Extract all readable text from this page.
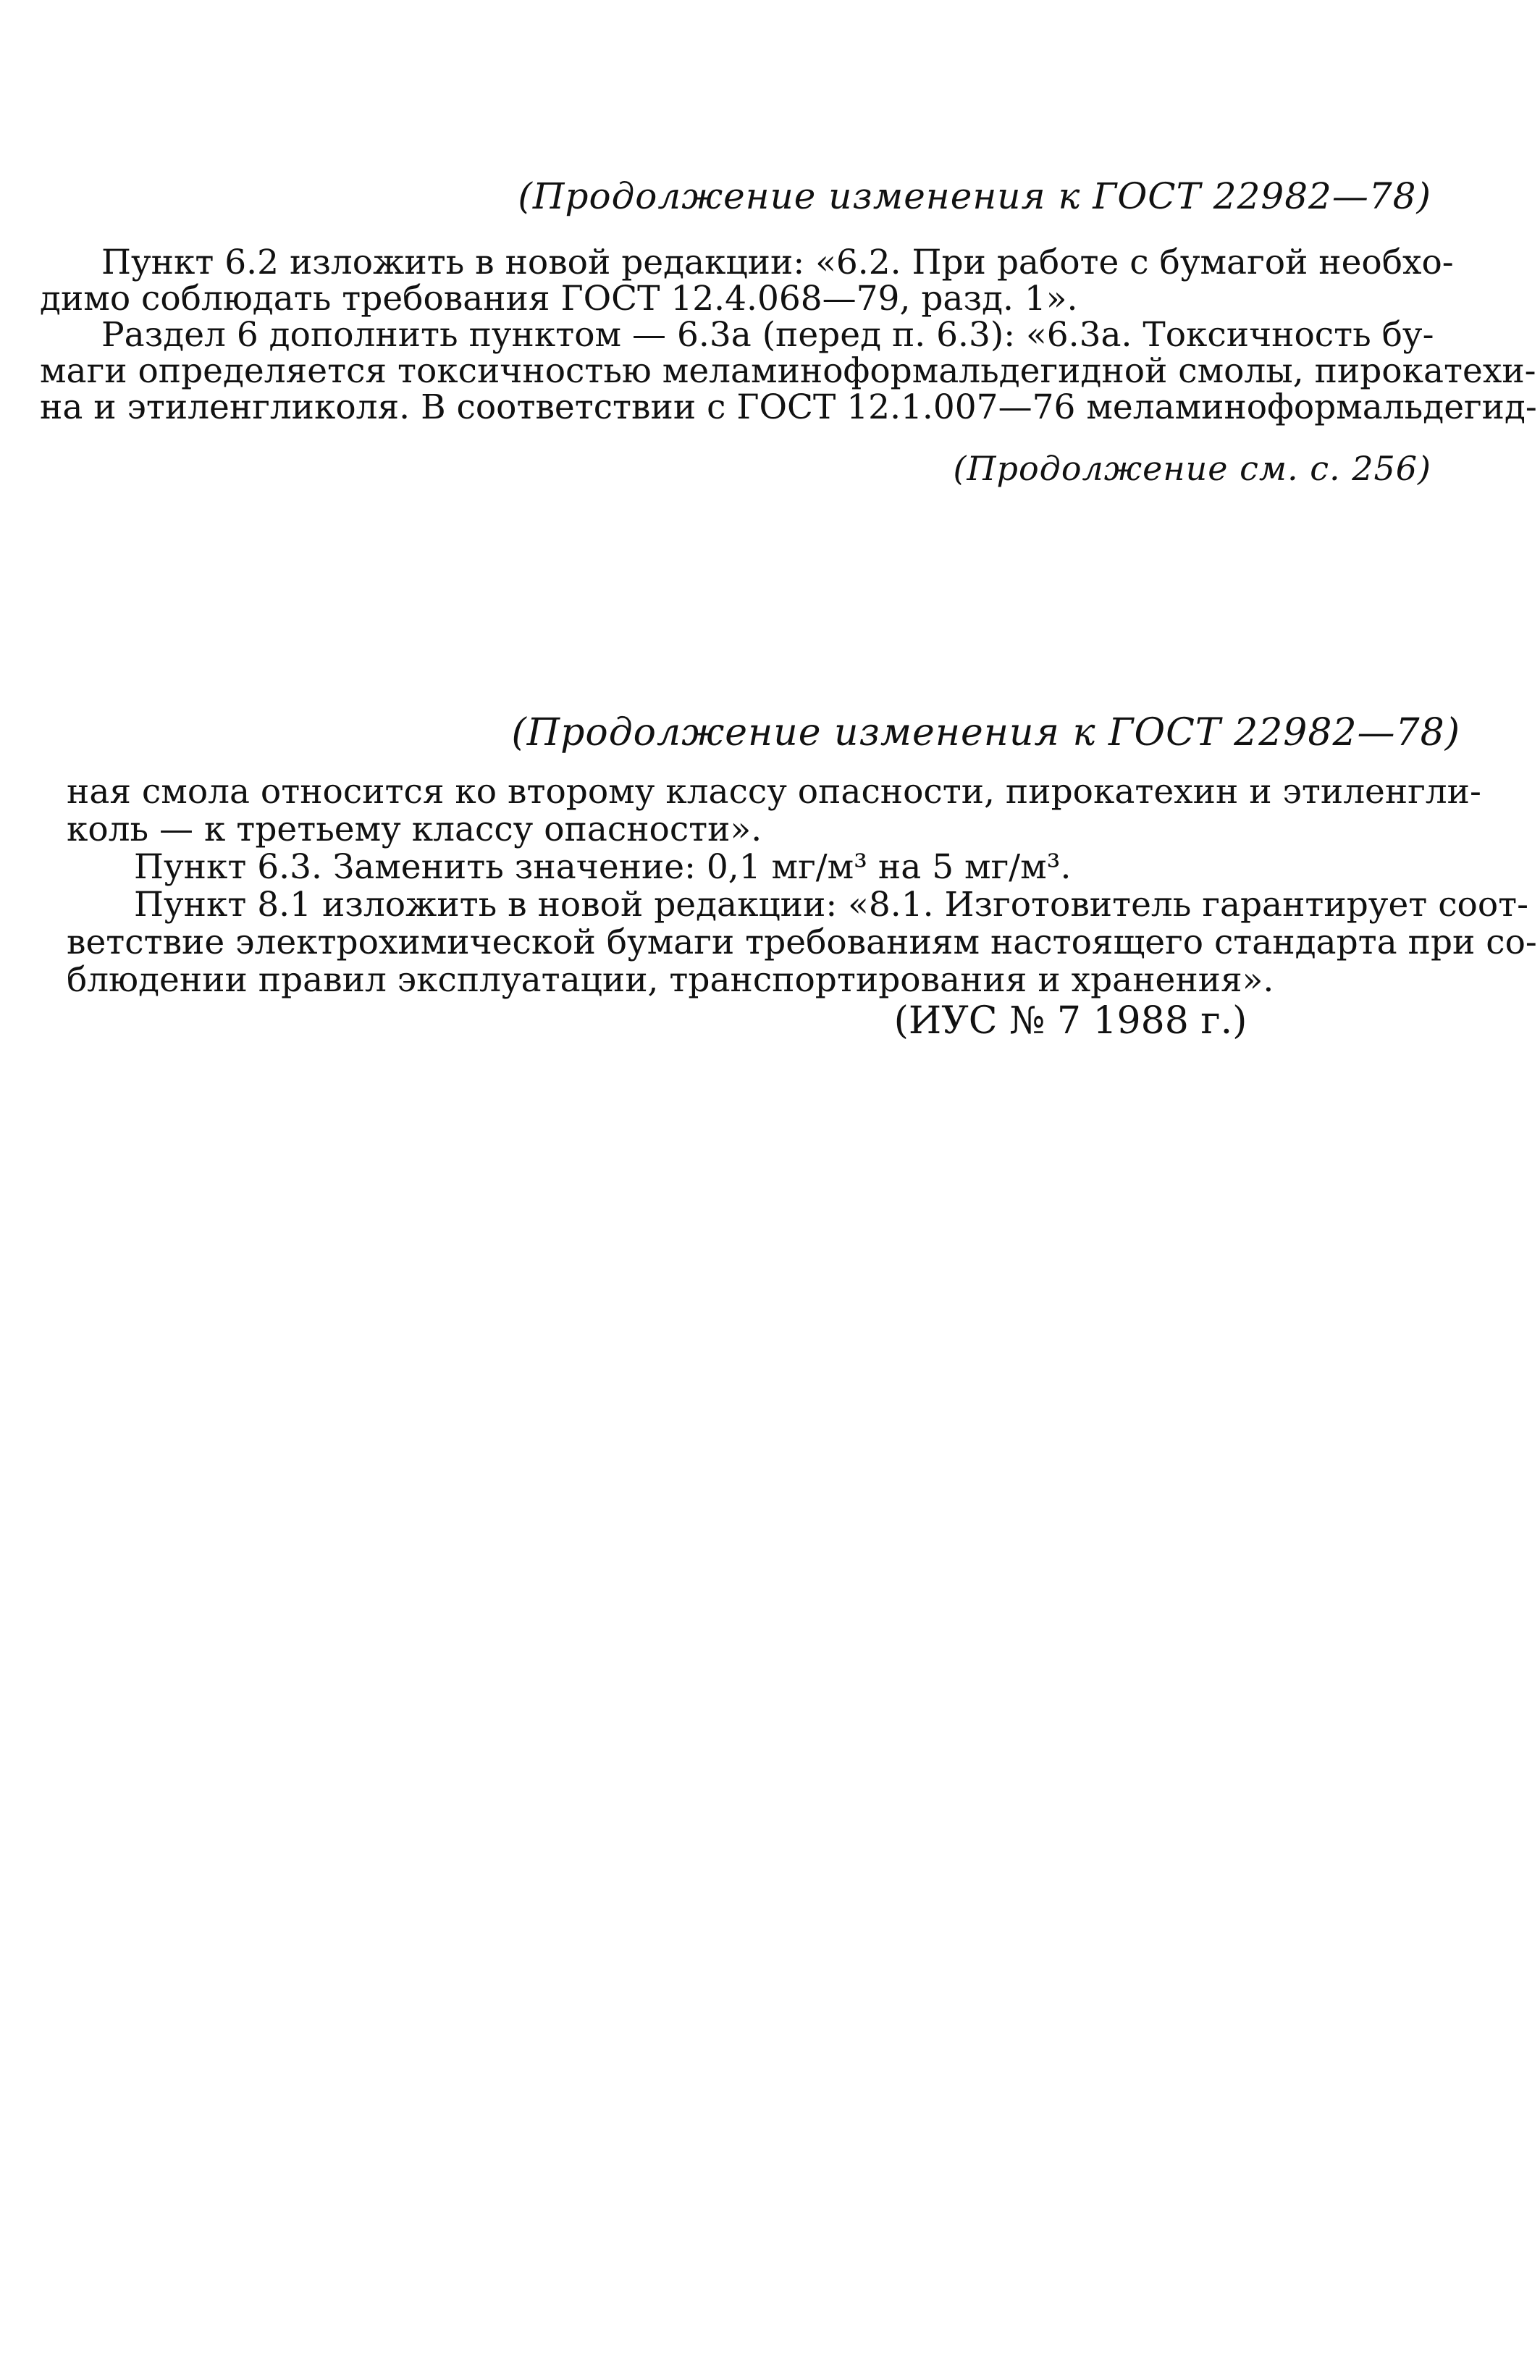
(Продолжение изменения к ГОСТ 22982—78)
Пункт 6.2 изложить в новой редакции: «6.2. При работе с бумагой необхо-
димо соблюдать требования ГОСТ 12.4.068—79, разд. 1».
Раздел 6 дополнить пунктом — 6.3а (перед п. 6.3): «6.3а. Токсичность бу-
маги определяется токсичностью меламиноформальдегидной смолы, пирокатехи-
на и этиленгликоля. В соответствии с ГОСТ 12.1.007—76 меламиноформальдегид-
(Продолжение см. с. 256)
(Продолжение изменения к ГОСТ 22982—78)
ная смола относится ко второму классу опасности, пирокатехин и этиленгли-
коль — к третьему классу опасности».
Пункт 6.3. Заменить значение: 0,1 мг/м³ на 5 мг/м³.
Пункт 8.1 изложить в новой редакции: «8.1. Изготовитель гарантирует соот-
ветствие электрохимической бумаги требованиям настоящего стандарта при со-
блюдении правил эксплуатации, транспортирования и хранения».
(ИУС № 7 1988 г.)
